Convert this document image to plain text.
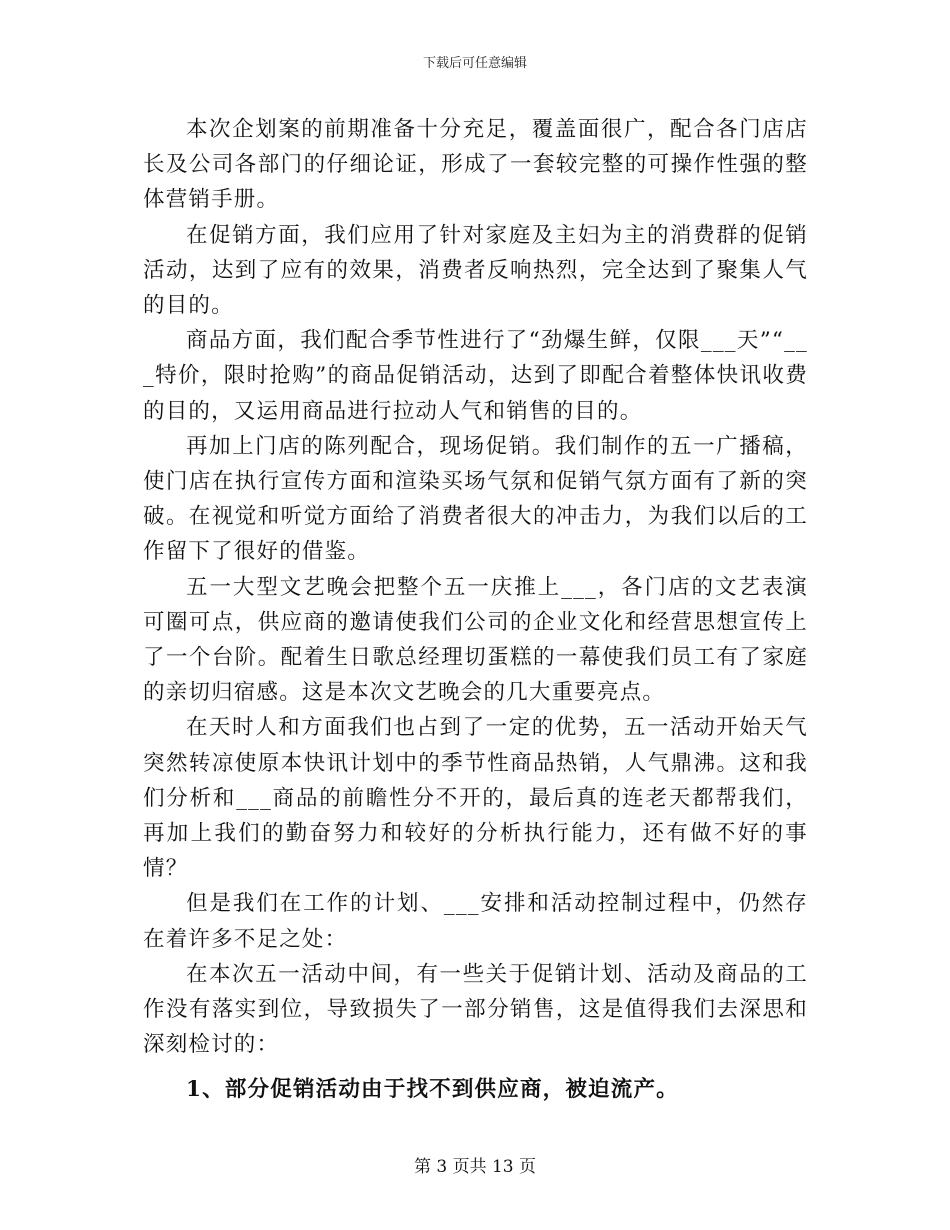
下载后可任意编辑

本次企划案的前期准备十分充足，覆盖面很广，配合各门店店长及公司各部门的仔细论证，形成了一套较完整的可操作性强的整体营销手册。

在促销方面，我们应用了针对家庭及主妇为主的消费群的促销活动，达到了应有的效果，消费者反响热烈，完全达到了聚集人气的目的。

商品方面，我们配合季节性进行了“劲爆生鲜，仅限___天”“___特价，限时抢购”的商品促销活动，达到了即配合着整体快讯收费的目的，又运用商品进行拉动人气和销售的目的。

再加上门店的陈列配合，现场促销。我们制作的五一广播稿，使门店在执行宣传方面和渲染买场气氛和促销气氛方面有了新的突破。在视觉和听觉方面给了消费者很大的冲击力，为我们以后的工作留下了很好的借鉴。

五一大型文艺晚会把整个五一庆推上___，各门店的文艺表演可圈可点，供应商的邀请使我们公司的企业文化和经营思想宣传上了一个台阶。配着生日歌总经理切蛋糕的一幕使我们员工有了家庭的亲切归宿感。这是本次文艺晚会的几大重要亮点。

在天时人和方面我们也占到了一定的优势，五一活动开始天气突然转凉使原本快讯计划中的季节性商品热销，人气鼎沸。这和我们分析和___商品的前瞻性分不开的，最后真的连老天都帮我们，再加上我们的勤奋努力和较好的分析执行能力，还有做不好的事情？

但是我们在工作的计划、___安排和活动控制过程中，仍然存在着许多不足之处：

在本次五一活动中间，有一些关于促销计划、活动及商品的工作没有落实到位，导致损失了一部分销售，这是值得我们去深思和深刻检讨的：

1、部分促销活动由于找不到供应商，被迫流产。

第 3 页共 13 页
